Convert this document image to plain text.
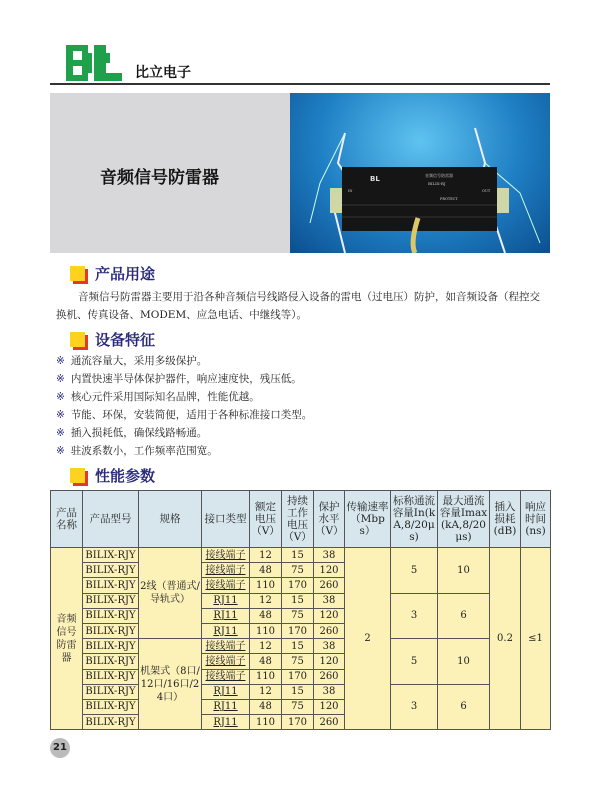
比立电子
音频信号防雷器	BL	音频信号防雷器
BILIX-RJ
IN	OUT
PROTECT
产品用途

音频信号防雷器主要用于沿各种音频信号线路侵入设备的雷电（过电压）防护，如音频设备（程控交换机、传真设备、MODEM、应急电话、中继线等）。

设备特征
※ 通流容量大，采用多级保护。
※ 内置快速半导体保护器件，响应速度快，残压低。
※ 核心元件采用国际知名品牌，性能优越。
※ 节能、环保，安装简便，适用于各种标准接口类型。
※ 插入损耗低，确保线路畅通。
※ 驻波系数小，工作频率范围宽。
性能参数
产品名称	产品型号	规格	接口类型	额定电压（V）	持续工作电压（V）	保护水平（V）	传输速率（Mbps）	标称通流容量In(kA,8/20μs)	最大通流容量Imax(kA,8/20μs)	插入损耗(dB)	响应时间(ns)
音频信号防雷器	BILIX-RJY	2线（普通式/导轨式）	接线端子	12	15	38	2	5	10	0.2	≤1
	BILIX-RJY		接线端子	48	75	120					
	BILIX-RJY		接线端子	110	170	260					
	BILIX-RJY		RJ11	12	15	38		3	6		
	BILIX-RJY		RJ11	48	75	120					
	BILIX-RJY		RJ11	110	170	260					
	BILIX-RJY	机架式（8口/12口/16口/24口）	接线端子	12	15	38		5	10		
	BILIX-RJY		接线端子	48	75	120					
	BILIX-RJY		接线端子	110	170	260					
	BILIX-RJY		RJ11	12	15	38		3	6		
	BILIX-RJY		RJ11	48	75	120					
	BILIX-RJY		RJ11	110	170	260					
21
